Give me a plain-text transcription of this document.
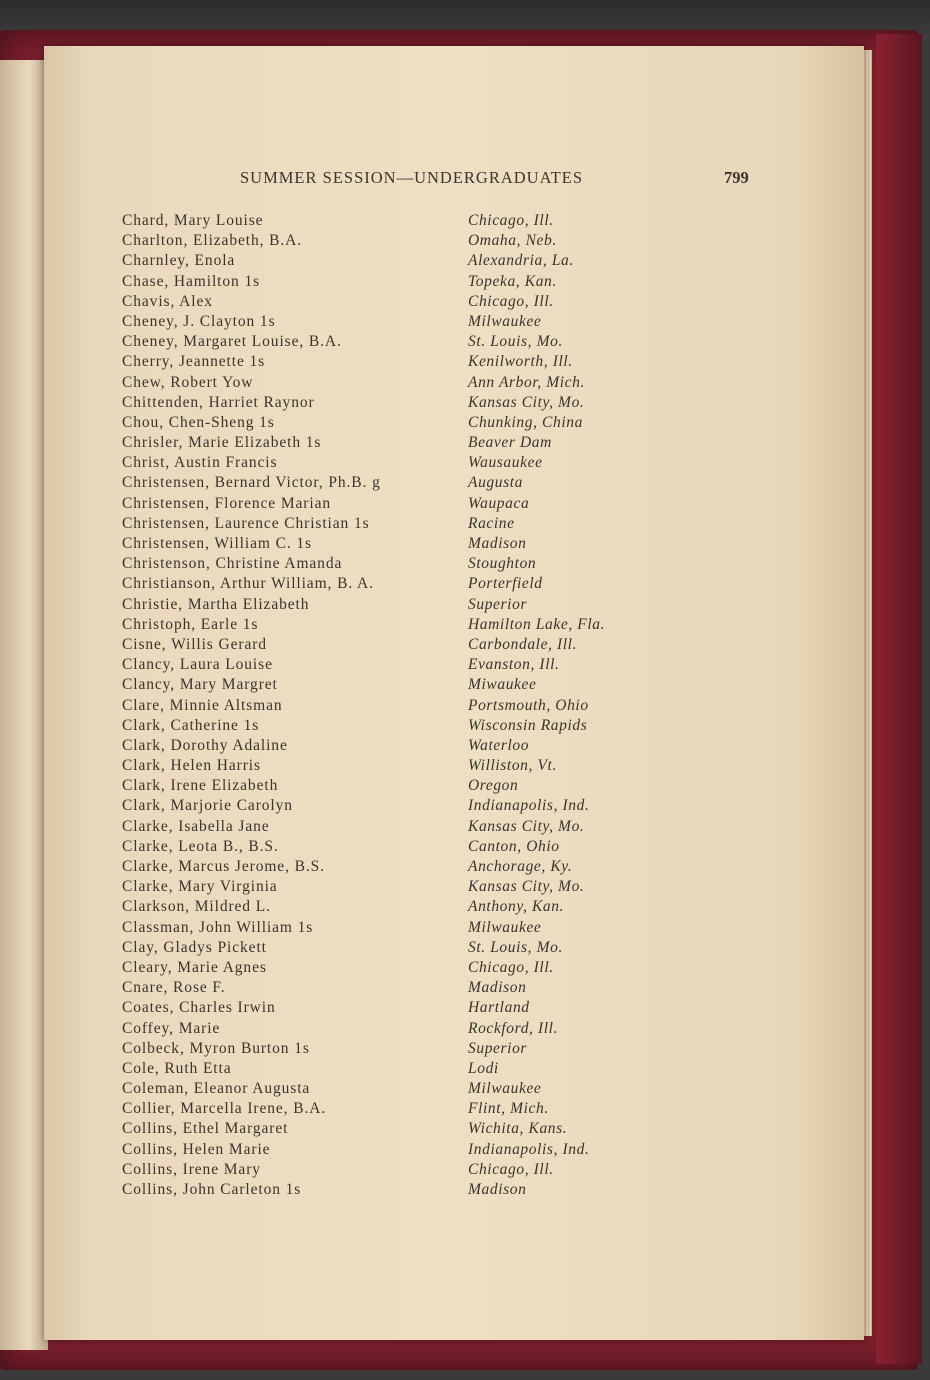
SUMMER SESSION—UNDERGRADUATES	799
Chard, Mary Louise	Chicago, Ill.
Charlton, Elizabeth, B.A.	Omaha, Neb.
Charnley, Enola	Alexandria, La.
Chase, Hamilton 1s	Topeka, Kan.
Chavis, Alex	Chicago, Ill.
Cheney, J. Clayton 1s	Milwaukee
Cheney, Margaret Louise, B.A.	St. Louis, Mo.
Cherry, Jeannette 1s	Kenilworth, Ill.
Chew, Robert Yow	Ann Arbor, Mich.
Chittenden, Harriet Raynor	Kansas City, Mo.
Chou, Chen-Sheng 1s	Chunking, China
Chrisler, Marie Elizabeth 1s	Beaver Dam
Christ, Austin Francis	Wausaukee
Christensen, Bernard Victor, Ph.B. g	Augusta
Christensen, Florence Marian	Waupaca
Christensen, Laurence Christian 1s	Racine
Christensen, William C. 1s	Madison
Christenson, Christine Amanda	Stoughton
Christianson, Arthur William, B. A.	Porterfield
Christie, Martha Elizabeth	Superior
Christoph, Earle 1s	Hamilton Lake, Fla.
Cisne, Willis Gerard	Carbondale, Ill.
Clancy, Laura Louise	Evanston, Ill.
Clancy, Mary Margret	Miwaukee
Clare, Minnie Altsman	Portsmouth, Ohio
Clark, Catherine 1s	Wisconsin Rapids
Clark, Dorothy Adaline	Waterloo
Clark, Helen Harris	Williston, Vt.
Clark, Irene Elizabeth	Oregon
Clark, Marjorie Carolyn	Indianapolis, Ind.
Clarke, Isabella Jane	Kansas City, Mo.
Clarke, Leota B., B.S.	Canton, Ohio
Clarke, Marcus Jerome, B.S.	Anchorage, Ky.
Clarke, Mary Virginia	Kansas City, Mo.
Clarkson, Mildred L.	Anthony, Kan.
Classman, John William 1s	Milwaukee
Clay, Gladys Pickett	St. Louis, Mo.
Cleary, Marie Agnes	Chicago, Ill.
Cnare, Rose F.	Madison
Coates, Charles Irwin	Hartland
Coffey, Marie	Rockford, Ill.
Colbeck, Myron Burton 1s	Superior
Cole, Ruth Etta	Lodi
Coleman, Eleanor Augusta	Milwaukee
Collier, Marcella Irene, B.A.	Flint, Mich.
Collins, Ethel Margaret	Wichita, Kans.
Collins, Helen Marie	Indianapolis, Ind.
Collins, Irene Mary	Chicago, Ill.
Collins, John Carleton 1s	Madison
